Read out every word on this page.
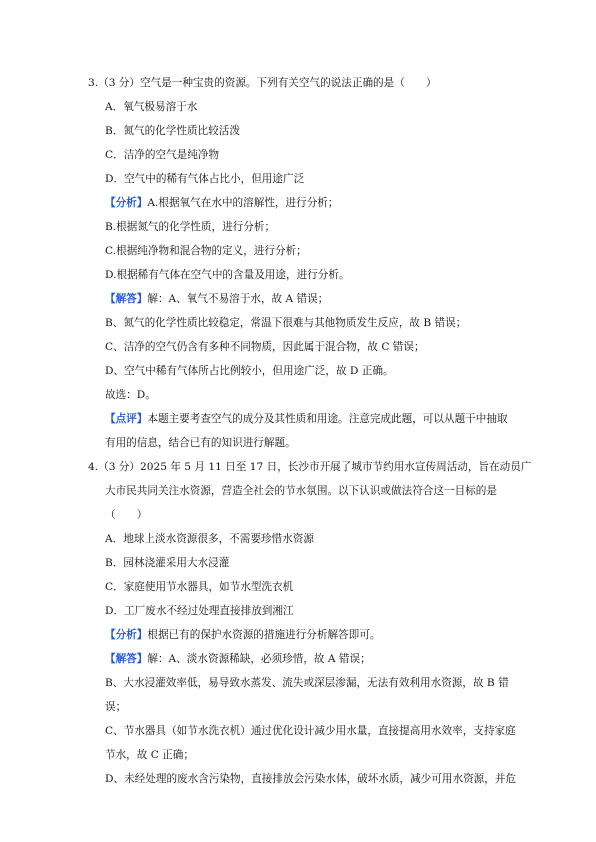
3.（3 分）空气是一种宝贵的资源。下列有关空气的说法正确的是（　　）
A．氧气极易溶于水
B．氮气的化学性质比较活泼
C．洁净的空气是纯净物
D．空气中的稀有气体占比小，但用途广泛
【分析】A.根据氧气在水中的溶解性，进行分析；
B.根据氮气的化学性质，进行分析；
C.根据纯净物和混合物的定义，进行分析；
D.根据稀有气体在空气中的含量及用途，进行分析。
【解答】解：A、氧气不易溶于水，故 A 错误；
B、氮气的化学性质比较稳定，常温下很难与其他物质发生反应，故 B 错误；
C、洁净的空气仍含有多种不同物质，因此属于混合物，故 C 错误；
D、空气中稀有气体所占比例较小，但用途广泛，故 D 正确。
故选：D。
【点评】本题主要考查空气的成分及其性质和用途。注意完成此题，可以从题干中抽取
有用的信息，结合已有的知识进行解题。
4.（3 分）2025 年 5 月 11 日至 17 日，长沙市开展了城市节约用水宣传周活动，旨在动员广
大市民共同关注水资源，营造全社会的节水氛围。以下认识或做法符合这一目标的是
（　　）
A．地球上淡水资源很多，不需要珍惜水资源
B．园林浇灌采用大水浸灌
C．家庭使用节水器具，如节水型洗衣机
D．工厂废水不经过处理直接排放到湘江
【分析】根据已有的保护水资源的措施进行分析解答即可。
【解答】解：A、淡水资源稀缺，必须珍惜，故 A 错误；
B、大水浸灌效率低，易导致水蒸发、流失或深层渗漏，无法有效利用水资源，故 B 错
误；
C、节水器具（如节水洗衣机）通过优化设计减少用水量，直接提高用水效率，支持家庭
节水，故 C 正确；
D、未经处理的废水含污染物，直接排放会污染水体，破坏水质，减少可用水资源，并危
